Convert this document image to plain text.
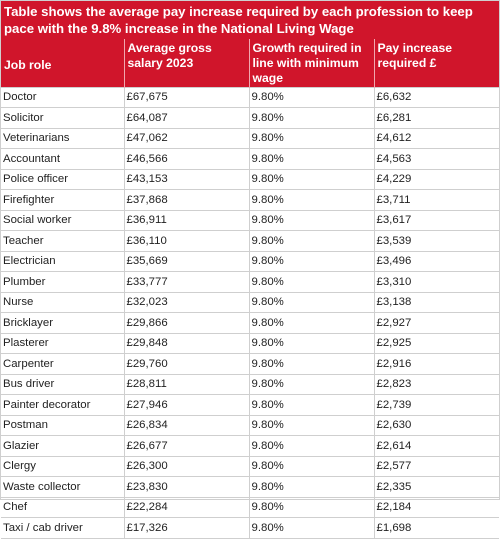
Table shows the average pay increase required by each profession to keep pace with the 9.8% increase in the National Living Wage
Job role	Average gross salary 2023	Growth required in line with minimum wage	Pay increase required £
Doctor	£67,675	9.80%	£6,632
Solicitor	£64,087	9.80%	£6,281
Veterinarians	£47,062	9.80%	£4,612
Accountant	£46,566	9.80%	£4,563
Police officer	£43,153	9.80%	£4,229
Firefighter	£37,868	9.80%	£3,711
Social worker	£36,911	9.80%	£3,617
Teacher	£36,110	9.80%	£3,539
Electrician	£35,669	9.80%	£3,496
Plumber	£33,777	9.80%	£3,310
Nurse	£32,023	9.80%	£3,138
Bricklayer	£29,866	9.80%	£2,927
Plasterer	£29,848	9.80%	£2,925
Carpenter	£29,760	9.80%	£2,916
Bus driver	£28,811	9.80%	£2,823
Painter decorator	£27,946	9.80%	£2,739
Postman	£26,834	9.80%	£2,630
Glazier	£26,677	9.80%	£2,614
Clergy	£26,300	9.80%	£2,577
Waste collector	£23,830	9.80%	£2,335
Chef	£22,284	9.80%	£2,184
Taxi / cab driver	£17,326	9.80%	£1,698
